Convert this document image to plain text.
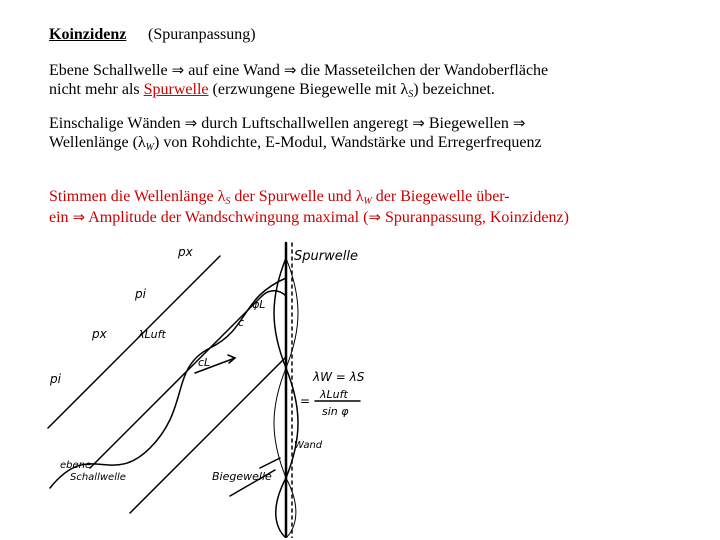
Koinzidenz (Spuranpassung)
Ebene Schallwelle ⇒ auf eine Wand ⇒ die Masseteilchen der Wandoberfläche
nicht mehr als Spurwelle (erzwungene Biegewelle mit $\lambda_S$) bezeichnet.
Einschalige Wänden ⇒ durch Luftschallwellen angeregt ⇒ Biegewellen ⇒
Wellenlänge $(\lambda_W)$ von Rohdichte, E-Modul, Wandstärke und Erregerfrequenz
Stimmen die Wellenlänge $\lambda_S$ der Spurwelle und $\lambda_W$ der Biegewelle über-
ein ⇒ Amplitude der Wandschwingung maximal (⇒ Spuranpassung, Koinzidenz)
Spurwelle
px
pi
px
pi
λLuft
φL
c
cL
ebene
Schallwelle	Biegewelle
Wand
λW = λS
= λLuft
sin φ
